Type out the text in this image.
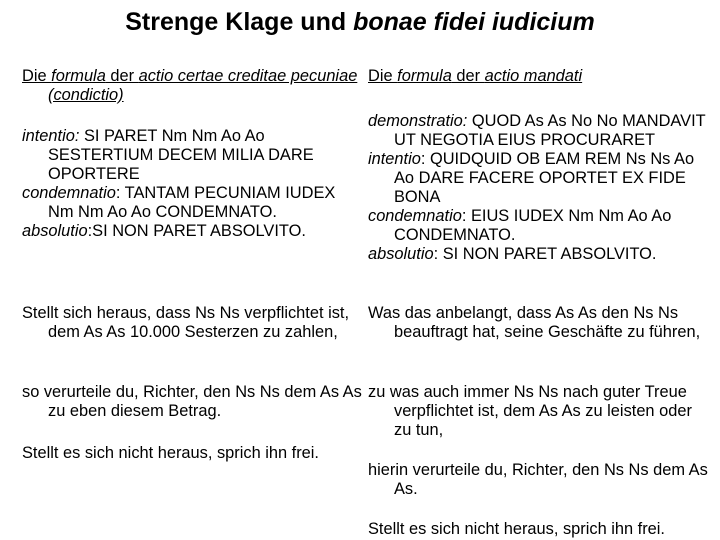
Strenge Klage und bonae fidei iudicium

Die formula der actio certae creditae pecuniae (condictio)

intentio: SI PARET Nm Nm Ao Ao SESTERTIUM DECEM MILIA DARE OPORTERE

condemnatio: TANTAM PECUNIAM IUDEX Nm Nm Ao Ao CONDEMNATO.

absolutio:SI NON PARET ABSOLVITO.

Stellt sich heraus, dass Ns Ns verpflichtet ist, dem As As 10.000 Sesterzen zu zahlen,

so verurteile du, Richter, den Ns Ns dem As As zu eben diesem Betrag.

Stellt es sich nicht heraus, sprich ihn frei.

Die formula der actio mandati

demonstratio: QUOD As As No No MANDAVIT UT NEGOTIA EIUS PROCURARET

intentio: QUIDQUID OB EAM REM Ns Ns Ao Ao DARE FACERE OPORTET EX FIDE BONA

condemnatio: EIUS IUDEX Nm Nm Ao Ao CONDEMNATO.

absolutio: SI NON PARET ABSOLVITO.

Was das anbelangt, dass As As den Ns Ns beauftragt hat, seine Geschäfte zu führen,

zu was auch immer Ns Ns nach guter Treue verpflichtet ist, dem As As zu leisten oder zu tun,

hierin verurteile du, Richter, den Ns Ns dem As As.

Stellt es sich nicht heraus, sprich ihn frei.
